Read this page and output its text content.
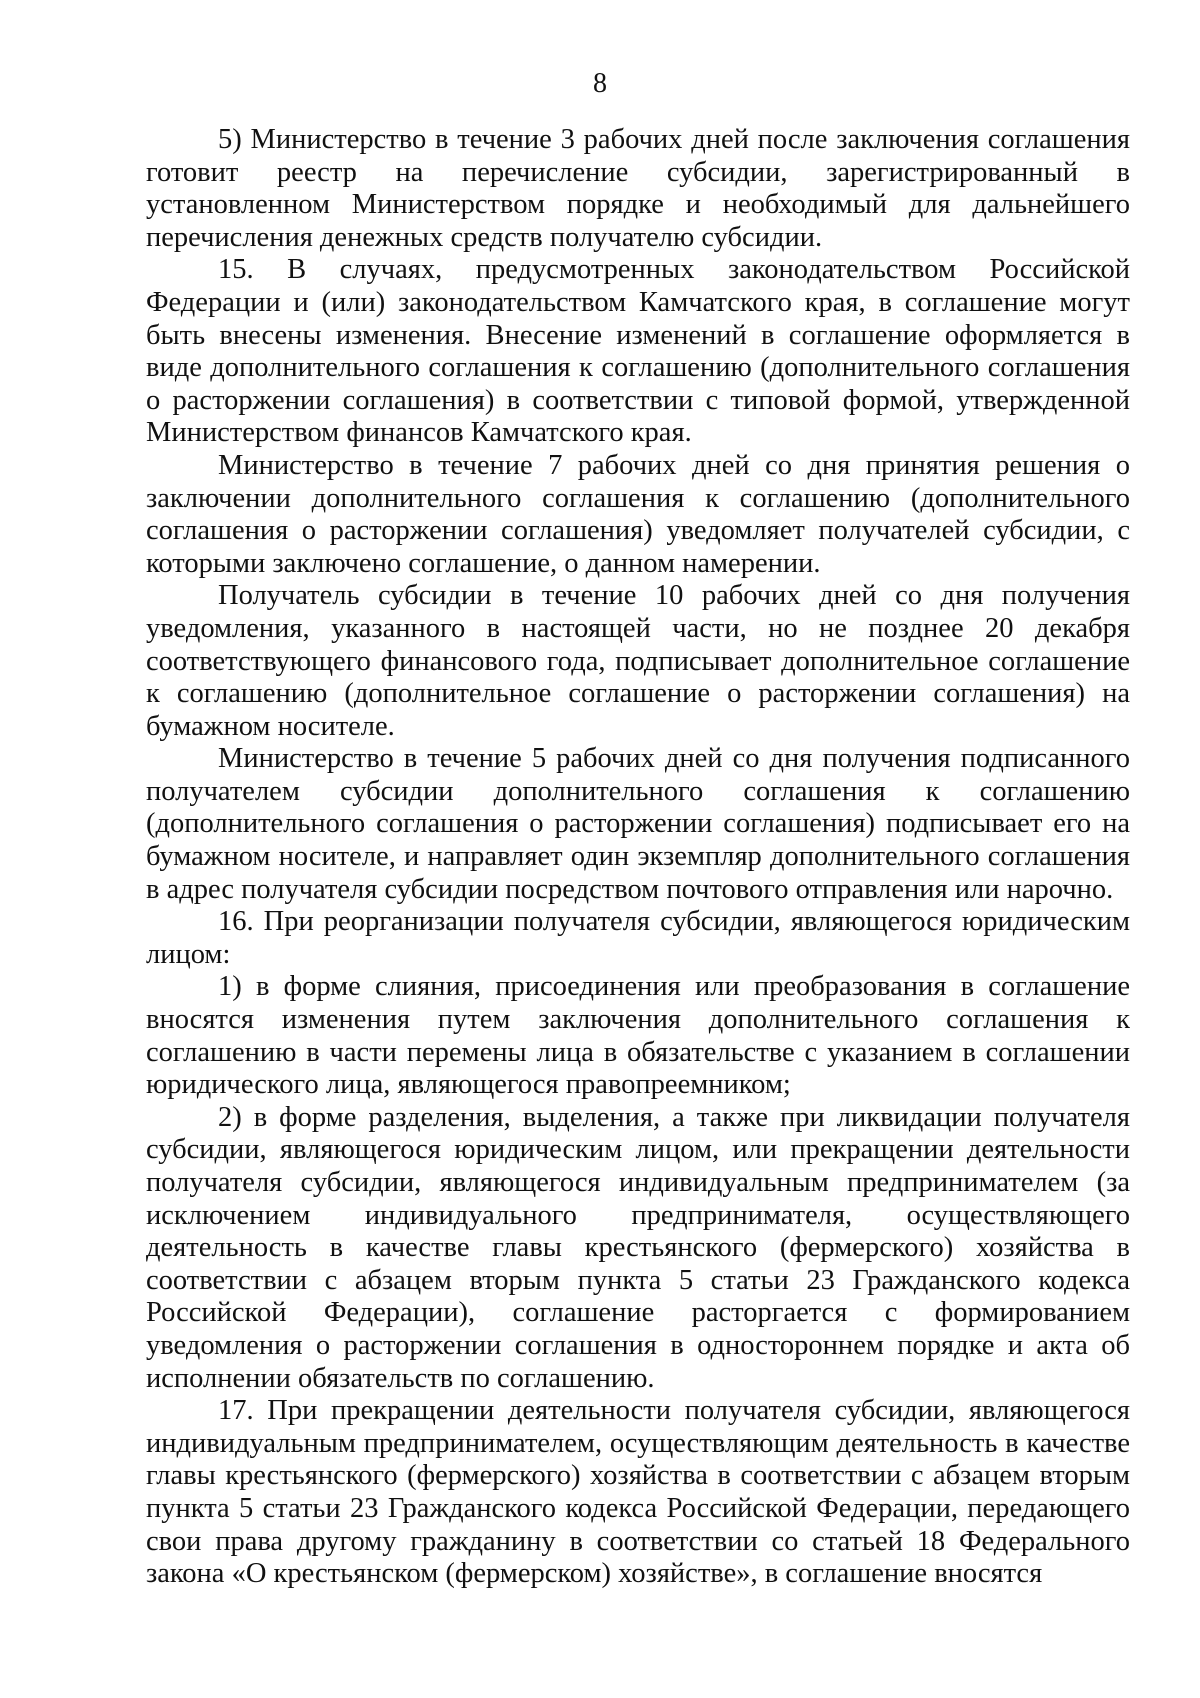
8

5) Министерство в течение 3 рабочих дней после заключения соглашения готовит реестр на перечисление субсидии, зарегистрированный в установленном Министерством порядке и необходимый для дальнейшего перечисления денежных средств получателю субсидии.

15. В случаях, предусмотренных законодательством Российской Федерации и (или) законодательством Камчатского края, в соглашение могут быть внесены изменения. Внесение изменений в соглашение оформляется в виде дополнительного соглашения к соглашению (дополнительного соглашения о расторжении соглашения) в соответствии с типовой формой, утвержденной Министерством финансов Камчатского края.

Министерство в течение 7 рабочих дней со дня принятия решения о заключении дополнительного соглашения к соглашению (дополнительного соглашения о расторжении соглашения) уведомляет получателей субсидии, с которыми заключено соглашение, о данном намерении.

Получатель субсидии в течение 10 рабочих дней со дня получения уведомления, указанного в настоящей части, но не позднее 20 декабря соответствующего финансового года, подписывает дополнительное соглашение к соглашению (дополнительное соглашение о расторжении соглашения) на бумажном носителе.

Министерство в течение 5 рабочих дней со дня получения подписанного получателем субсидии дополнительного соглашения к соглашению (дополнительного соглашения о расторжении соглашения) подписывает его на бумажном носителе, и направляет один экземпляр дополнительного соглашения в адрес получателя субсидии посредством почтового отправления или нарочно.

16. При реорганизации получателя субсидии, являющегося юридическим лицом:

1) в форме слияния, присоединения или преобразования в соглашение вносятся изменения путем заключения дополнительного соглашения к соглашению в части перемены лица в обязательстве с указанием в соглашении юридического лица, являющегося правопреемником;

2) в форме разделения, выделения, а также при ликвидации получателя субсидии, являющегося юридическим лицом, или прекращении деятельности получателя субсидии, являющегося индивидуальным предпринимателем (за исключением индивидуального предпринимателя, осуществляющего деятельность в качестве главы крестьянского (фермерского) хозяйства в соответствии с абзацем вторым пункта 5 статьи 23 Гражданского кодекса Российской Федерации), соглашение расторгается с формированием уведомления о расторжении соглашения в одностороннем порядке и акта об исполнении обязательств по соглашению.

17. При прекращении деятельности получателя субсидии, являющегося индивидуальным предпринимателем, осуществляющим деятельность в качестве главы крестьянского (фермерского) хозяйства в соответствии с абзацем вторым пункта 5 статьи 23 Гражданского кодекса Российской Федерации, передающего свои права другому гражданину в соответствии со статьей 18 Федерального закона «О крестьянском (фермерском) хозяйстве», в соглашение вносятся
